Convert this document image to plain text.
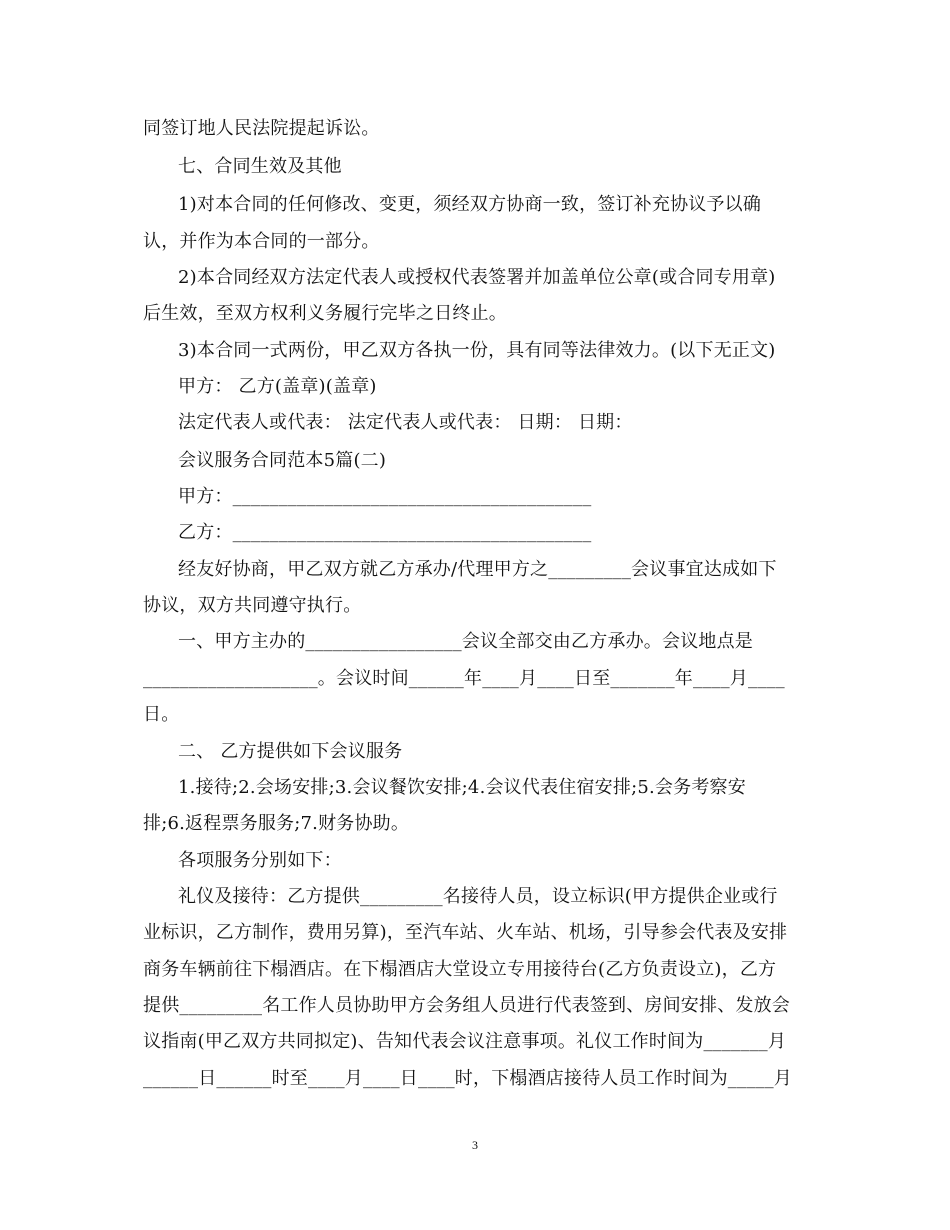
同签订地人民法院提起诉讼。
七、合同生效及其他
1)对本合同的任何修改、变更，须经双方协商一致，签订补充协议予以确
认，并作为本合同的一部分。
2)本合同经双方法定代表人或授权代表签署并加盖单位公章(或合同专用章)
后生效，至双方权利义务履行完毕之日终止。
3)本合同一式两份，甲乙双方各执一份，具有同等法律效力。(以下无正文)
甲方： 乙方(盖章)(盖章)
法定代表人或代表： 法定代表人或代表： 日期： 日期：
会议服务合同范本5篇(二)
甲方：_______________________________________
乙方：_______________________________________
经友好协商，甲乙双方就乙方承办/代理甲方之_________会议事宜达成如下
协议，双方共同遵守执行。
一、甲方主办的_________________会议全部交由乙方承办。会议地点是
___________________。会议时间______年____月____日至_______年____月____
日。
二、 乙方提供如下会议服务
1.接待;2.会场安排;3.会议餐饮安排;4.会议代表住宿安排;5.会务考察安
排;6.返程票务服务;7.财务协助。
各项服务分别如下：
礼仪及接待：乙方提供_________名接待人员，设立标识(甲方提供企业或行
业标识，乙方制作，费用另算)，至汽车站、火车站、机场，引导参会代表及安排
商务车辆前往下榻酒店。在下榻酒店大堂设立专用接待台(乙方负责设立)，乙方
提供_________名工作人员协助甲方会务组人员进行代表签到、房间安排、发放会
议指南(甲乙双方共同拟定)、告知代表会议注意事项。礼仪工作时间为_______月
______日______时至____月____日____时，下榻酒店接待人员工作时间为_____月
3
